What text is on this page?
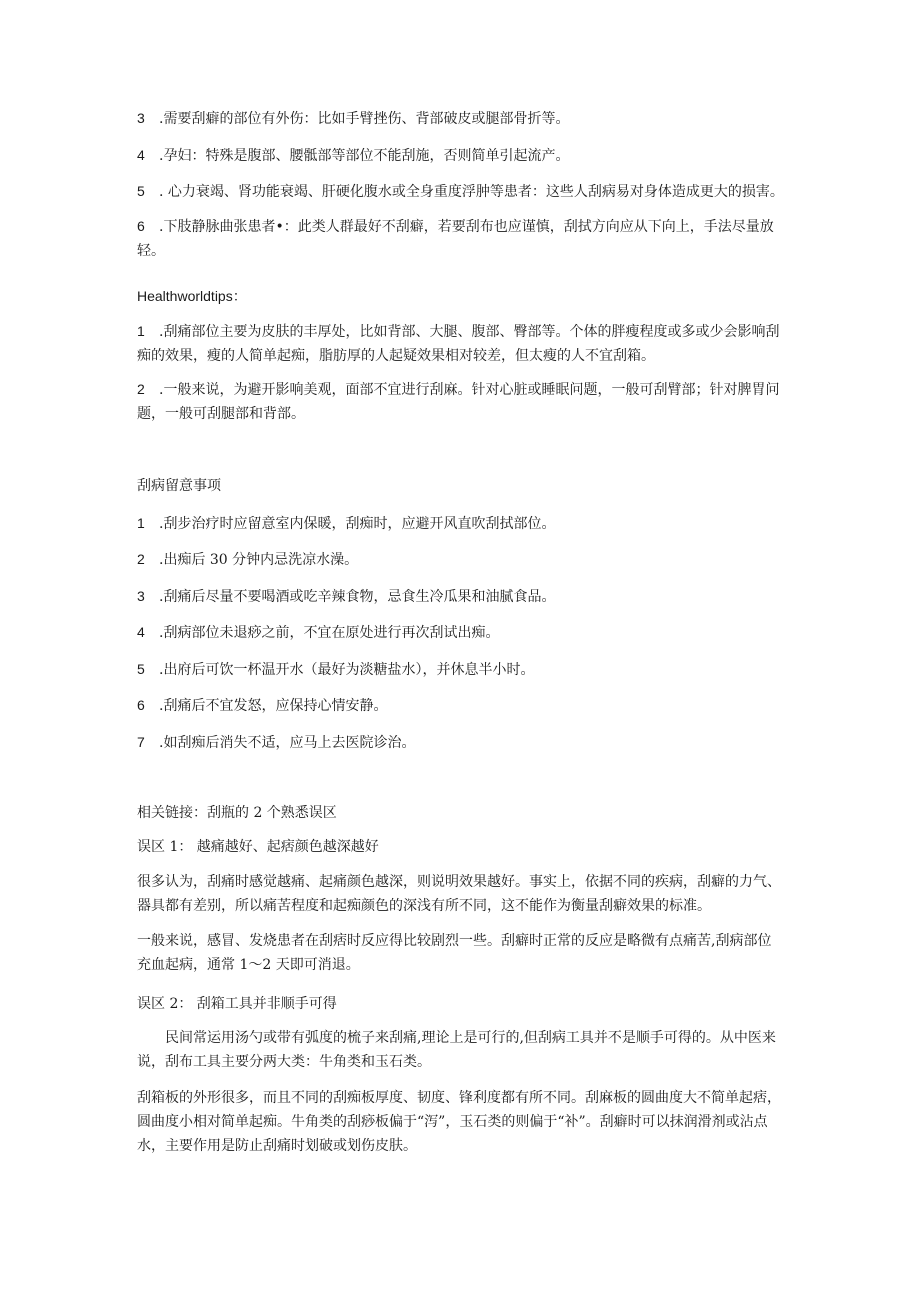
3 .需要刮癖的部位有外伤：比如手臂挫伤、背部破皮或腿部骨折等。
4 .孕妇：特殊是腹部、腰骶部等部位不能刮施，否则简单引起流产。
5 . 心力衰竭、肾功能衰竭、肝硬化腹水或全身重度浮肿等患者：这些人刮病易对身体造成更大的损害。
6 .下肢静脉曲张患者•：此类人群最好不刮癖，若要刮布也应谨慎，刮拭方向应从下向上，手法尽量放轻。
Healthworldtips：
1 .刮痛部位主要为皮肤的丰厚处，比如背部、大腿、腹部、臀部等。个体的胖瘦程度或多或少会影响刮痴的效果，瘦的人简单起痴，脂肪厚的人起疑效果相对较差，但太瘦的人不宜刮箱。
2 .一般来说，为避开影响美观，面部不宜进行刮麻。针对心脏或睡眠问题，一般可刮臂部；针对脾胃问题，一般可刮腿部和背部。
刮病留意事项
1 .刮步治疗时应留意室内保暖，刮痴时，应避开风直吹刮拭部位。
2 .出痴后 30 分钟内忌洗凉水澡。
3 .刮痛后尽量不要喝酒或吃辛辣食物，忌食生冷瓜果和油腻食品。
4 .刮病部位未退痧之前，不宜在原处进行再次刮试出痴。
5 .出府后可饮一杯温开水（最好为淡糖盐水），并休息半小时。
6 .刮痛后不宜发怒，应保持心情安静。
7 .如刮痴后消失不适，应马上去医院诊治。
相关链接：刮瓶的 2 个熟悉误区
误区 1： 越痛越好、起痞颜色越深越好
很多认为，刮痛时感觉越痛、起痛颜色越深，则说明效果越好。事实上，依据不同的疾病，刮癖的力气、器具都有差别，所以痛苦程度和起痴颜色的深浅有所不同，这不能作为衡量刮癖效果的标准。
一般来说，感冒、发烧患者在刮痞时反应得比较剧烈一些。刮癖时正常的反应是略微有点痛苦,刮病部位充血起病，通常 1～2 天即可消退。
误区 2： 刮箱工具并非顺手可得
民间常运用汤勺或带有弧度的梳子来刮痛,理论上是可行的,但刮病工具并不是顺手可得的。从中医来说，刮布工具主要分两大类：牛角类和玉石类。
刮箱板的外形很多，而且不同的刮痴板厚度、韧度、锋利度都有所不同。刮麻板的圆曲度大不简单起痞，圆曲度小相对简单起痴。牛角类的刮痧板偏于“泻”，玉石类的则偏于“补”。刮癖时可以抹润滑剂或沾点水，主要作用是防止刮痛时划破或划伤皮肤。
